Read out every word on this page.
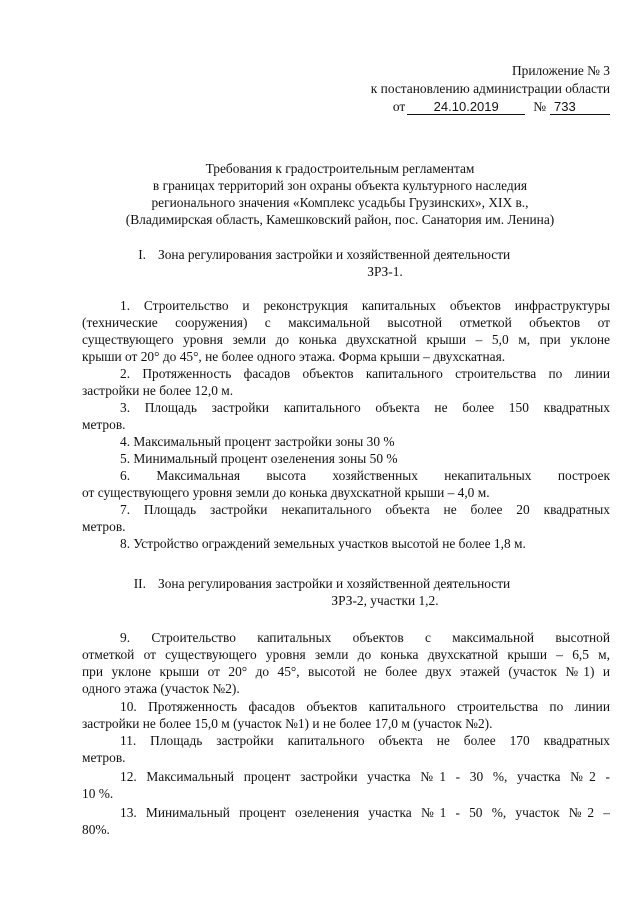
Приложение № 3
к постановлению администрации области
от	24.10.2019	№ 733
Требования к градостроительным регламентам
в границах территорий зон охраны объекта культурного наследия
регионального значения «Комплекс усадьбы Грузинских», XIX в.,
(Владимирская область, Камешковский район, пос. Санатория им. Ленина)
I. Зона регулирования застройки и хозяйственной деятельности
ЗРЗ-1.
1. Строительство и реконструкция капитальных объектов инфраструктуры
(технические сооружения) с максимальной высотной отметкой объектов от
существующего уровня земли до конька двухскатной крыши – 5,0 м, при уклоне
крыши от 20° до 45°, не более одного этажа. Форма крыши – двухскатная.
2. Протяженность фасадов объектов капитального строительства по линии
застройки не более 12,0 м.
3. Площадь застройки капитального объекта не более 150 квадратных
метров.
4. Максимальный процент застройки зоны 30 %
5. Минимальный процент озеленения зоны 50 %
6. Максимальная высота хозяйственных некапитальных построек
от существующего уровня земли до конька двухскатной крыши – 4,0 м.
7. Площадь застройки некапитального объекта не более 20 квадратных
метров.
8. Устройство ограждений земельных участков высотой не более 1,8 м.
II. Зона регулирования застройки и хозяйственной деятельности
ЗРЗ-2, участки 1,2.
9. Строительство капитальных объектов с максимальной высотной
отметкой от существующего уровня земли до конька двухскатной крыши – 6,5 м,
при уклоне крыши от 20° до 45°, высотой не более двух этажей (участок №1) и
одного этажа (участок №2).
10. Протяженность фасадов объектов капитального строительства по линии
застройки не более 15,0 м (участок №1) и не более 17,0 м (участок №2).
11. Площадь застройки капитального объекта не более 170 квадратных
метров.
12. Максимальный процент застройки участка №1 - 30 %, участка №2 -
10 %.
13. Минимальный процент озеленения участка №1 - 50 %, участок №2 –
80%.
